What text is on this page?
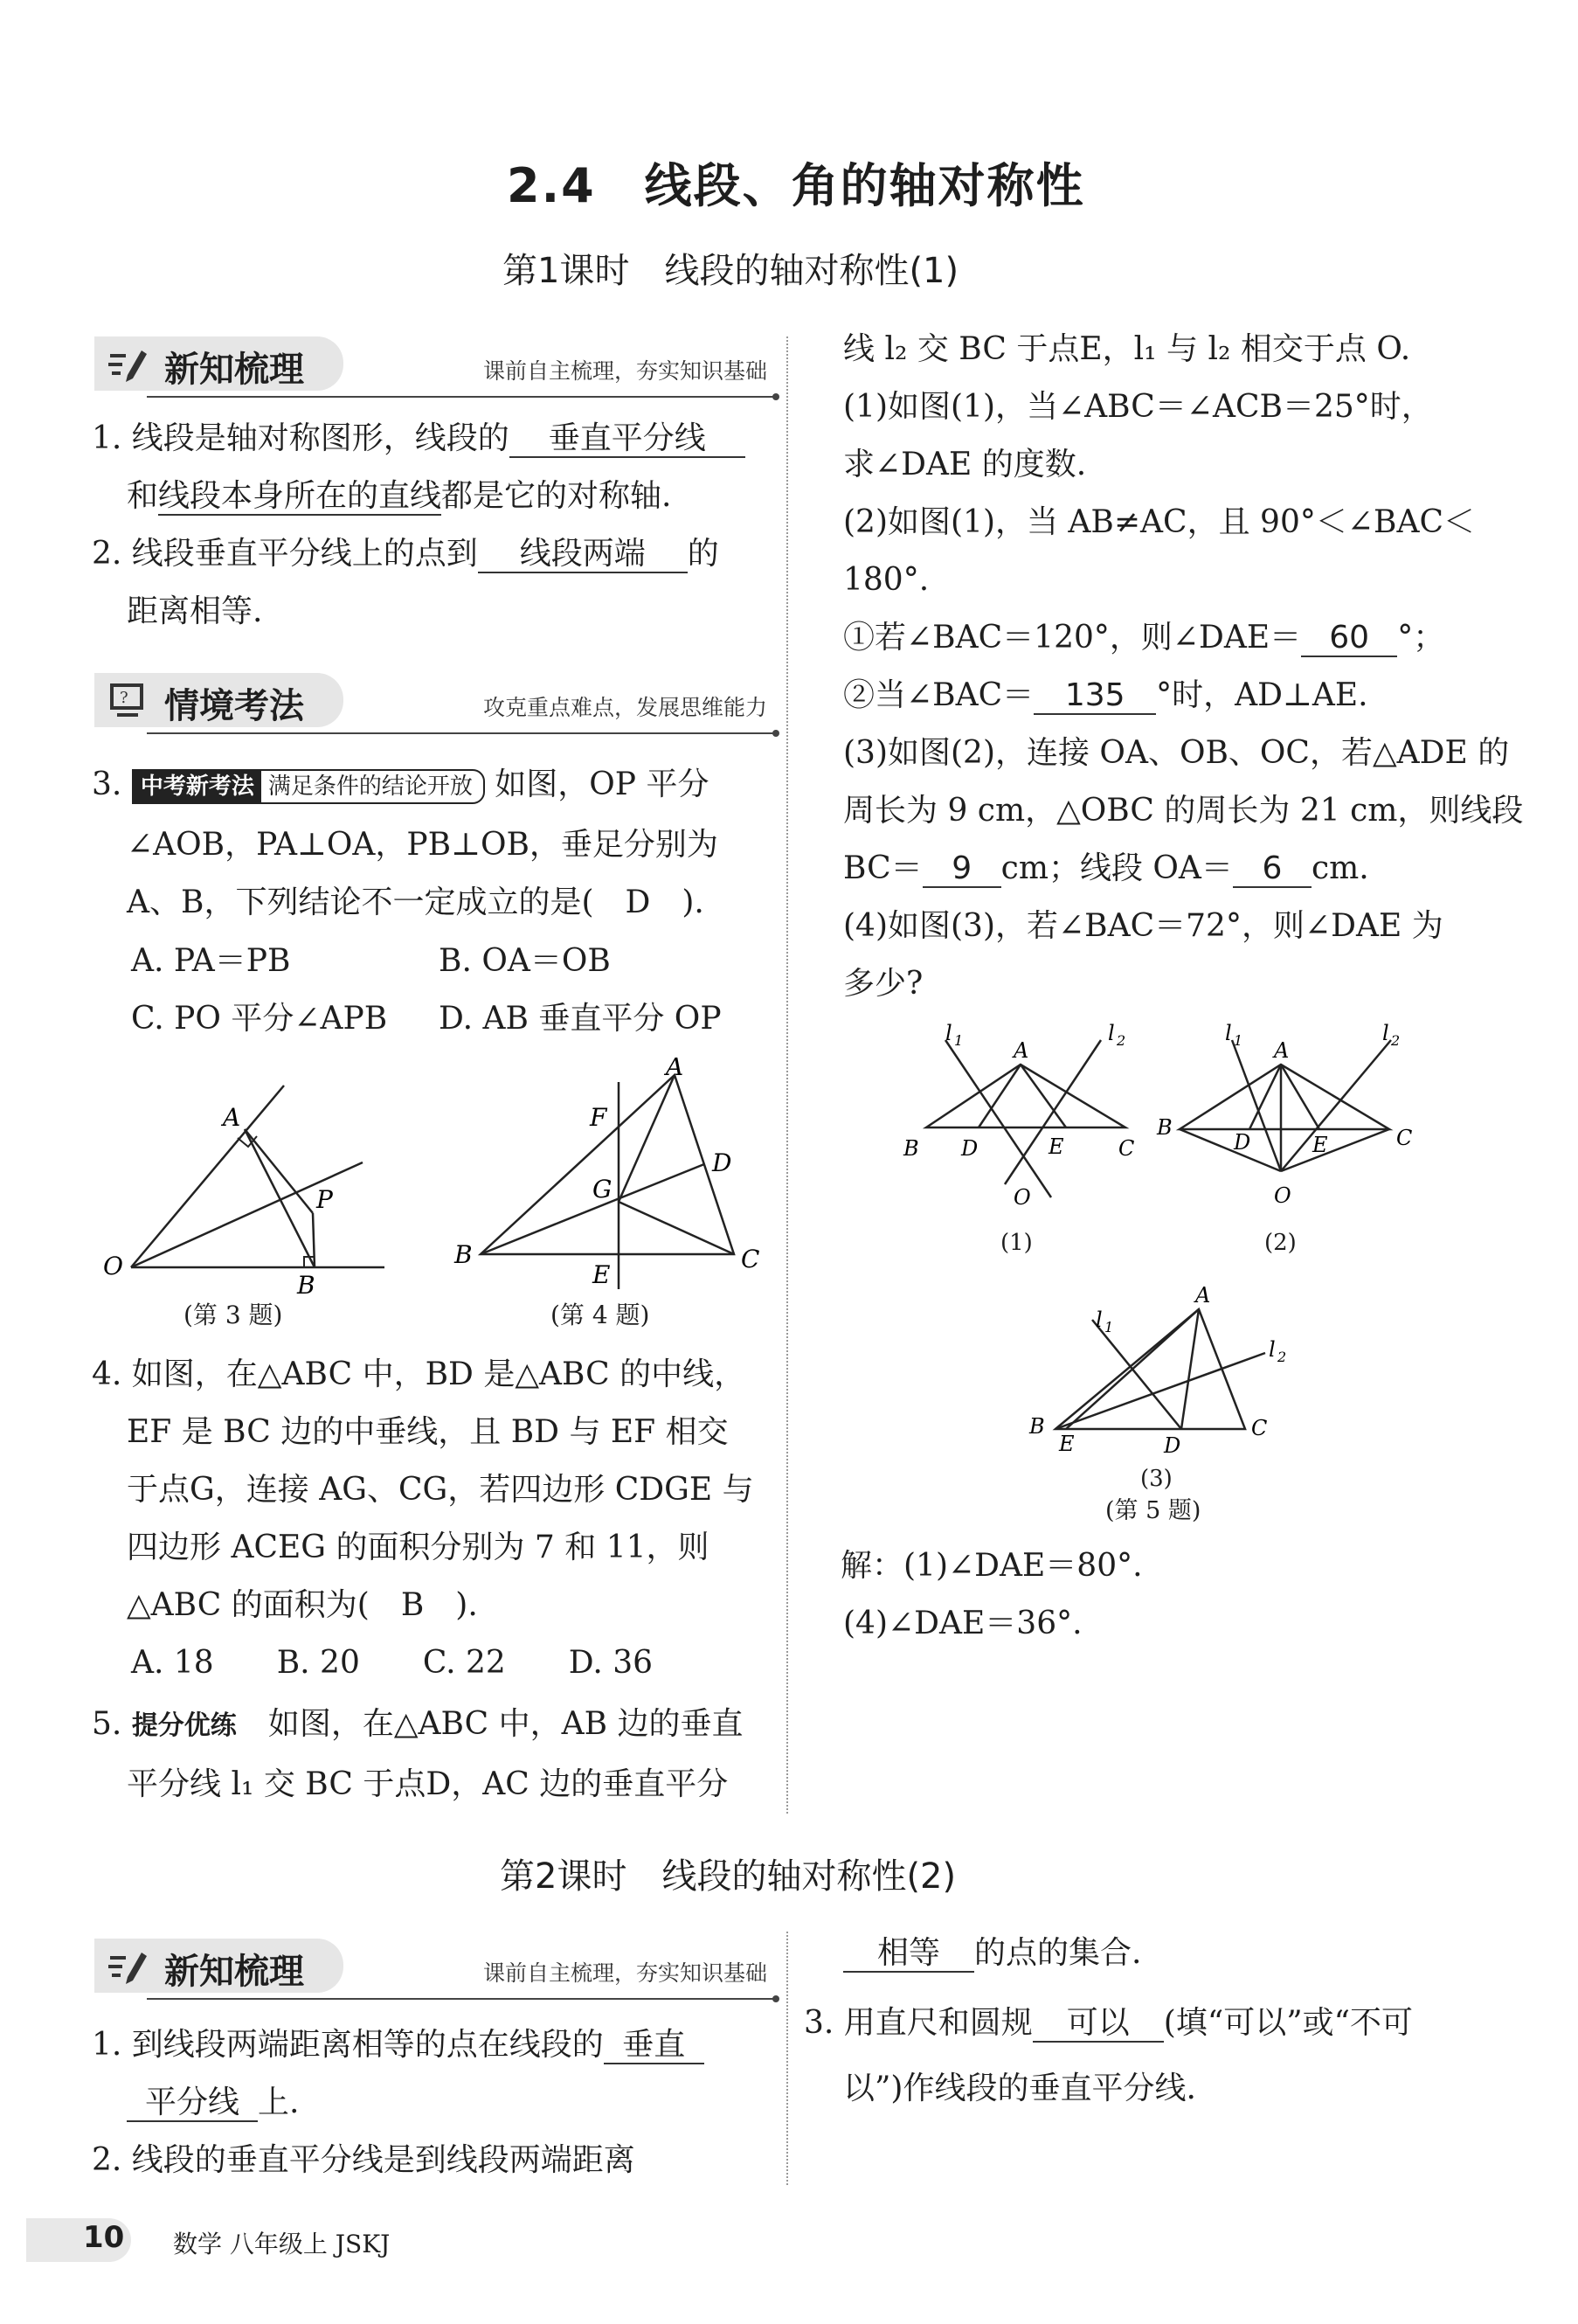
2.4　线段、角的轴对称性
第1课时　线段的轴对称性(1)
新知梳理	课前自主梳理，夯实知识基础
1. 线段是轴对称图形，线段的 垂直平分线
和线段本身所在的直线都是它的对称轴.
2. 线段垂直平分线上的点到 线段两端 的
距离相等.
? 情境考法	攻克重点难点，发展思维能力
3. 中考新考法 满足条件的结论开放 如图，OP 平分
∠AOB，PA⊥OA，PB⊥OB，垂足分别为
A、B，下列结论不一定成立的是(　D　).
A. PA＝PB	B. OA＝OB
C. PO 平分∠APB D. AB 垂直平分 OP
O
A
P
B
(第 3 题)
A
F
D
G
B
E
C
(第 4 题)
4. 如图，在△ABC 中，BD 是△ABC 的中线，
EF 是 BC 边的中垂线，且 BD 与 EF 相交
于点G，连接 AG、CG，若四边形 CDGE 与
四边形 ACEG 的面积分别为 7 和 11，则
△ABC 的面积为(　B　).
A. 18　　B. 20　　C. 22　　D. 36
5. 提分优练　 如图，在△ABC 中，AB 边的垂直
平分线 l₁ 交 BC 于点D，AC 边的垂直平分
线 l₂ 交 BC 于点E，l₁ 与 l₂ 相交于点 O.
(1)如图(1)，当∠ABC＝∠ACB＝25°时，
求∠DAE 的度数.
(2)如图(1)，当 AB≠AC，且 90°＜∠BAC＜
180°.
①若∠BAC＝120°，则∠DAE＝ 60 °；
②当∠BAC＝ 135 °时，AD⊥AE.
(3)如图(2)，连接 OA、OB、OC，若△ADE 的
周长为 9 cm，△OBC 的周长为 21 cm，则线段
BC＝ 9 cm；线段 OA＝ 6 cm.
(4)如图(3)，若∠BAC＝72°，则∠DAE 为
多少?
l 1 A
l 2
B D	E	C
O
(1)
l 1 A
l 2
B
D	E	C
O
(2)
l 1
A
l 2
B
E	D
C
(3)
(第 5 题)
解：(1)∠DAE＝80°.
(4)∠DAE＝36°.
第2课时　线段的轴对称性(2)
新知梳理	课前自主梳理，夯实知识基础
1. 到线段两端距离相等的点在线段的 垂直
平分线 上.
2. 线段的垂直平分线是到线段两端距离
相等 的点的集合.
3. 用直尺和圆规 可以 (填“可以”或“不可
以”)作线段的垂直平分线.
10 数学 八年级上 JSKJ
